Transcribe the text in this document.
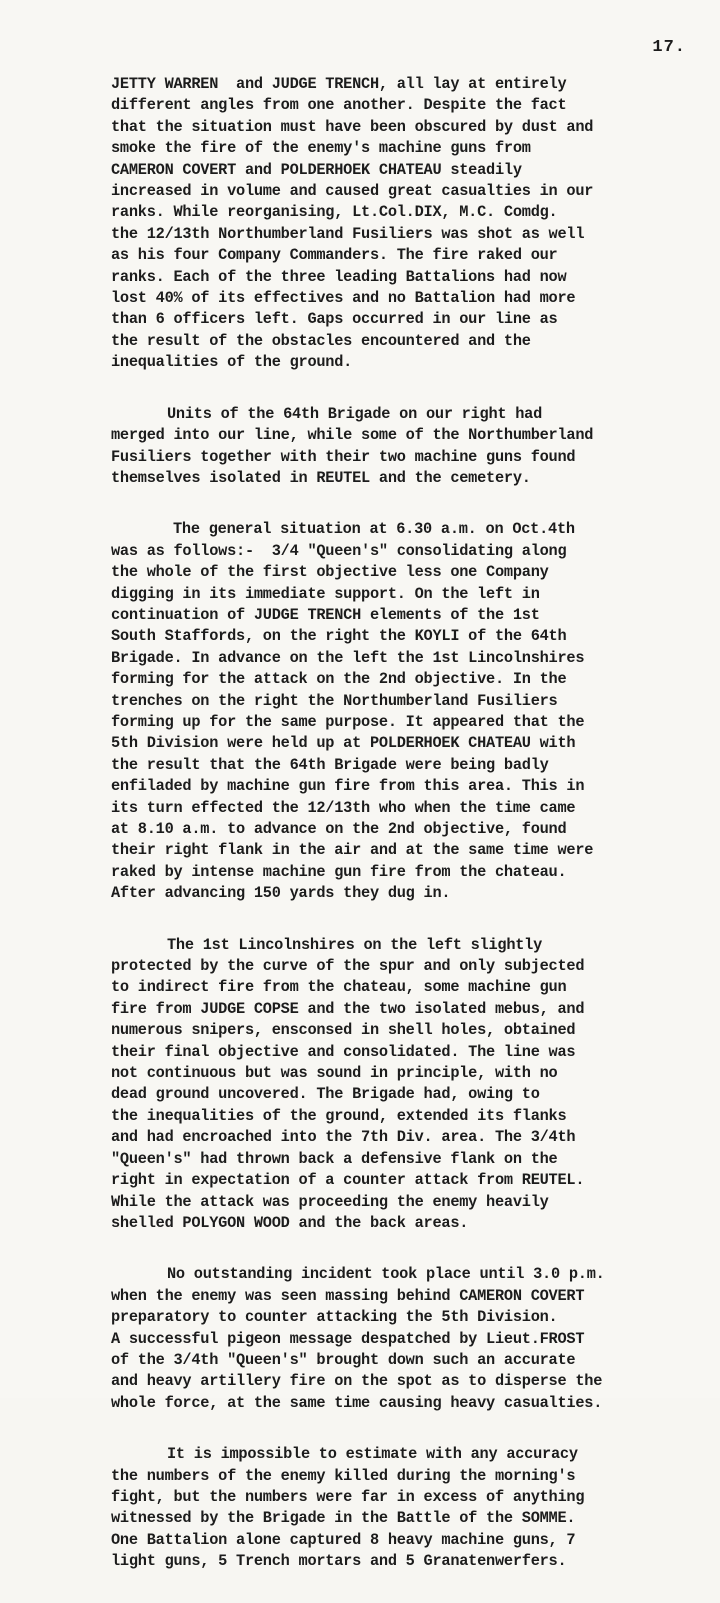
17.

JETTY WARREN  and JUDGE TRENCH, all lay at entirely
different angles from one another. Despite the fact
that the situation must have been obscured by dust and
smoke the fire of the enemy's machine guns from
CAMERON COVERT and POLDERHOEK CHATEAU steadily
increased in volume and caused great casualties in our
ranks. While reorganising, Lt.Col.DIX, M.C. Comdg.
the 12/13th Northumberland Fusiliers was shot as well
as his four Company Commanders. The fire raked our
ranks. Each of the three leading Battalions had now
lost 40% of its effectives and no Battalion had more
than 6 officers left. Gaps occurred in our line as
the result of the obstacles encountered and the
inequalities of the ground.

Units of the 64th Brigade on our right had
merged into our line, while some of the Northumberland
Fusiliers together with their two machine guns found
themselves isolated in REUTEL and the cemetery.

The general situation at 6.30 a.m. on Oct.4th
was as follows:-  3/4 "Queen's" consolidating along
the whole of the first objective less one Company
digging in its immediate support. On the left in
continuation of JUDGE TRENCH elements of the 1st
South Staffords, on the right the KOYLI of the 64th
Brigade. In advance on the left the 1st Lincolnshires
forming for the attack on the 2nd objective. In the
trenches on the right the Northumberland Fusiliers
forming up for the same purpose. It appeared that the
5th Division were held up at POLDERHOEK CHATEAU with
the result that the 64th Brigade were being badly
enfiladed by machine gun fire from this area. This in
its turn effected the 12/13th who when the time came
at 8.10 a.m. to advance on the 2nd objective, found
their right flank in the air and at the same time were
raked by intense machine gun fire from the chateau.
After advancing 150 yards they dug in.

The 1st Lincolnshires on the left slightly
protected by the curve of the spur and only subjected
to indirect fire from the chateau, some machine gun
fire from JUDGE COPSE and the two isolated mebus, and
numerous snipers, ensconsed in shell holes, obtained
their final objective and consolidated. The line was
not continuous but was sound in principle, with no
dead ground uncovered. The Brigade had, owing to
the inequalities of the ground, extended its flanks
and had encroached into the 7th Div. area. The 3/4th
"Queen's" had thrown back a defensive flank on the
right in expectation of a counter attack from REUTEL.
While the attack was proceeding the enemy heavily
shelled POLYGON WOOD and the back areas.

No outstanding incident took place until 3.0 p.m.
when the enemy was seen massing behind CAMERON COVERT
preparatory to counter attacking the 5th Division.
A successful pigeon message despatched by Lieut.FROST
of the 3/4th "Queen's" brought down such an accurate
and heavy artillery fire on the spot as to disperse the
whole force, at the same time causing heavy casualties.

It is impossible to estimate with any accuracy
the numbers of the enemy killed during the morning's
fight, but the numbers were far in excess of anything
witnessed by the Brigade in the Battle of the SOMME.
One Battalion alone captured 8 heavy machine guns, 7
light guns, 5 Trench mortars and 5 Granatenwerfers.
